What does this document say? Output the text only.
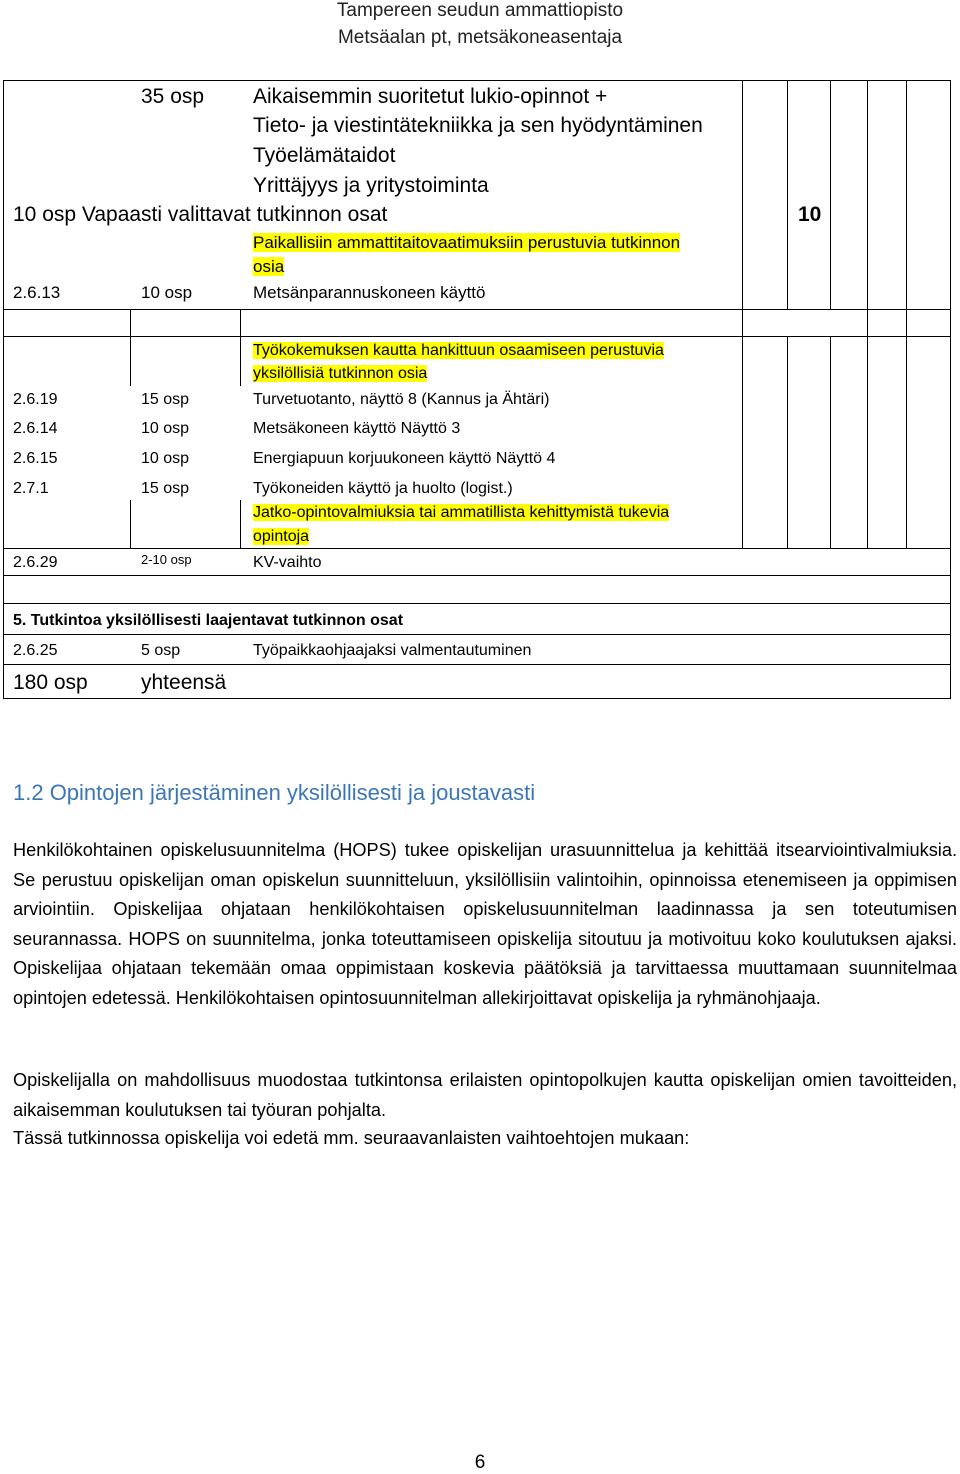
Tampereen seudun ammattiopisto
Metsäalan pt, metsäkoneasentaja
35 osp Aikaisemmin suoritetut lukio-opinnot +
Tieto- ja viestintätekniikka ja sen hyödyntäminen
Työelämätaidot
Yrittäjyys ja yritystoiminta
10 osp Vapaasti valittavat tutkinnon osat	10
Paikallisiin ammattitaitovaatimuksiin perustuvia tutkinnon
osia
2.6.13	10 osp	Metsänparannuskoneen käyttö
Työkokemuksen kautta hankittuun osaamiseen perustuvia
yksilöllisiä tutkinnon osia
2.6.19	15 osp	Turvetuotanto, näyttö 8 (Kannus ja Ähtäri)
2.6.14	10 osp	Metsäkoneen käyttö Näyttö 3
2.6.15	10 osp	Energiapuun korjuukoneen käyttö Näyttö 4
2.7.1	15 osp	Työkoneiden käyttö ja huolto (logist.)
Jatko-opintovalmiuksia tai ammatillista kehittymistä tukevia
opintoja
2.6.29	2-10 osp	KV-vaihto
5. Tutkintoa yksilöllisesti laajentavat tutkinnon osat
2.6.25	5 osp	Työpaikkaohjaajaksi valmentautuminen
180 osp	yhteensä
1.2 Opintojen järjestäminen yksilöllisesti ja joustavasti

Henkilökohtainen opiskelusuunnitelma (HOPS) tukee opiskelijan urasuunnittelua ja kehittää itsearviointivalmiuksia. Se perustuu opiskelijan oman opiskelun suunnitteluun, yksilöllisiin valintoihin, opinnoissa etenemiseen ja oppimisen arviointiin. Opiskelijaa ohjataan henkilökohtaisen opiskelusuunnitelman laadinnassa ja sen toteutumisen seurannassa. HOPS on suunnitelma, jonka toteuttamiseen opiskelija sitoutuu ja motivoituu koko koulutuksen ajaksi. Opiskelijaa ohjataan tekemään omaa oppimistaan koskevia päätöksiä ja tarvittaessa muuttamaan suunnitelmaa opintojen edetessä. Henkilökohtaisen opintosuunnitelman allekirjoittavat opiskelija ja ryhmänohjaaja.

Opiskelijalla on mahdollisuus muodostaa tutkintonsa erilaisten opintopolkujen kautta opiskelijan omien tavoitteiden, aikaisemman koulutuksen tai työuran pohjalta.

Tässä tutkinnossa opiskelija voi edetä mm. seuraavanlaisten vaihtoehtojen mukaan:

6
